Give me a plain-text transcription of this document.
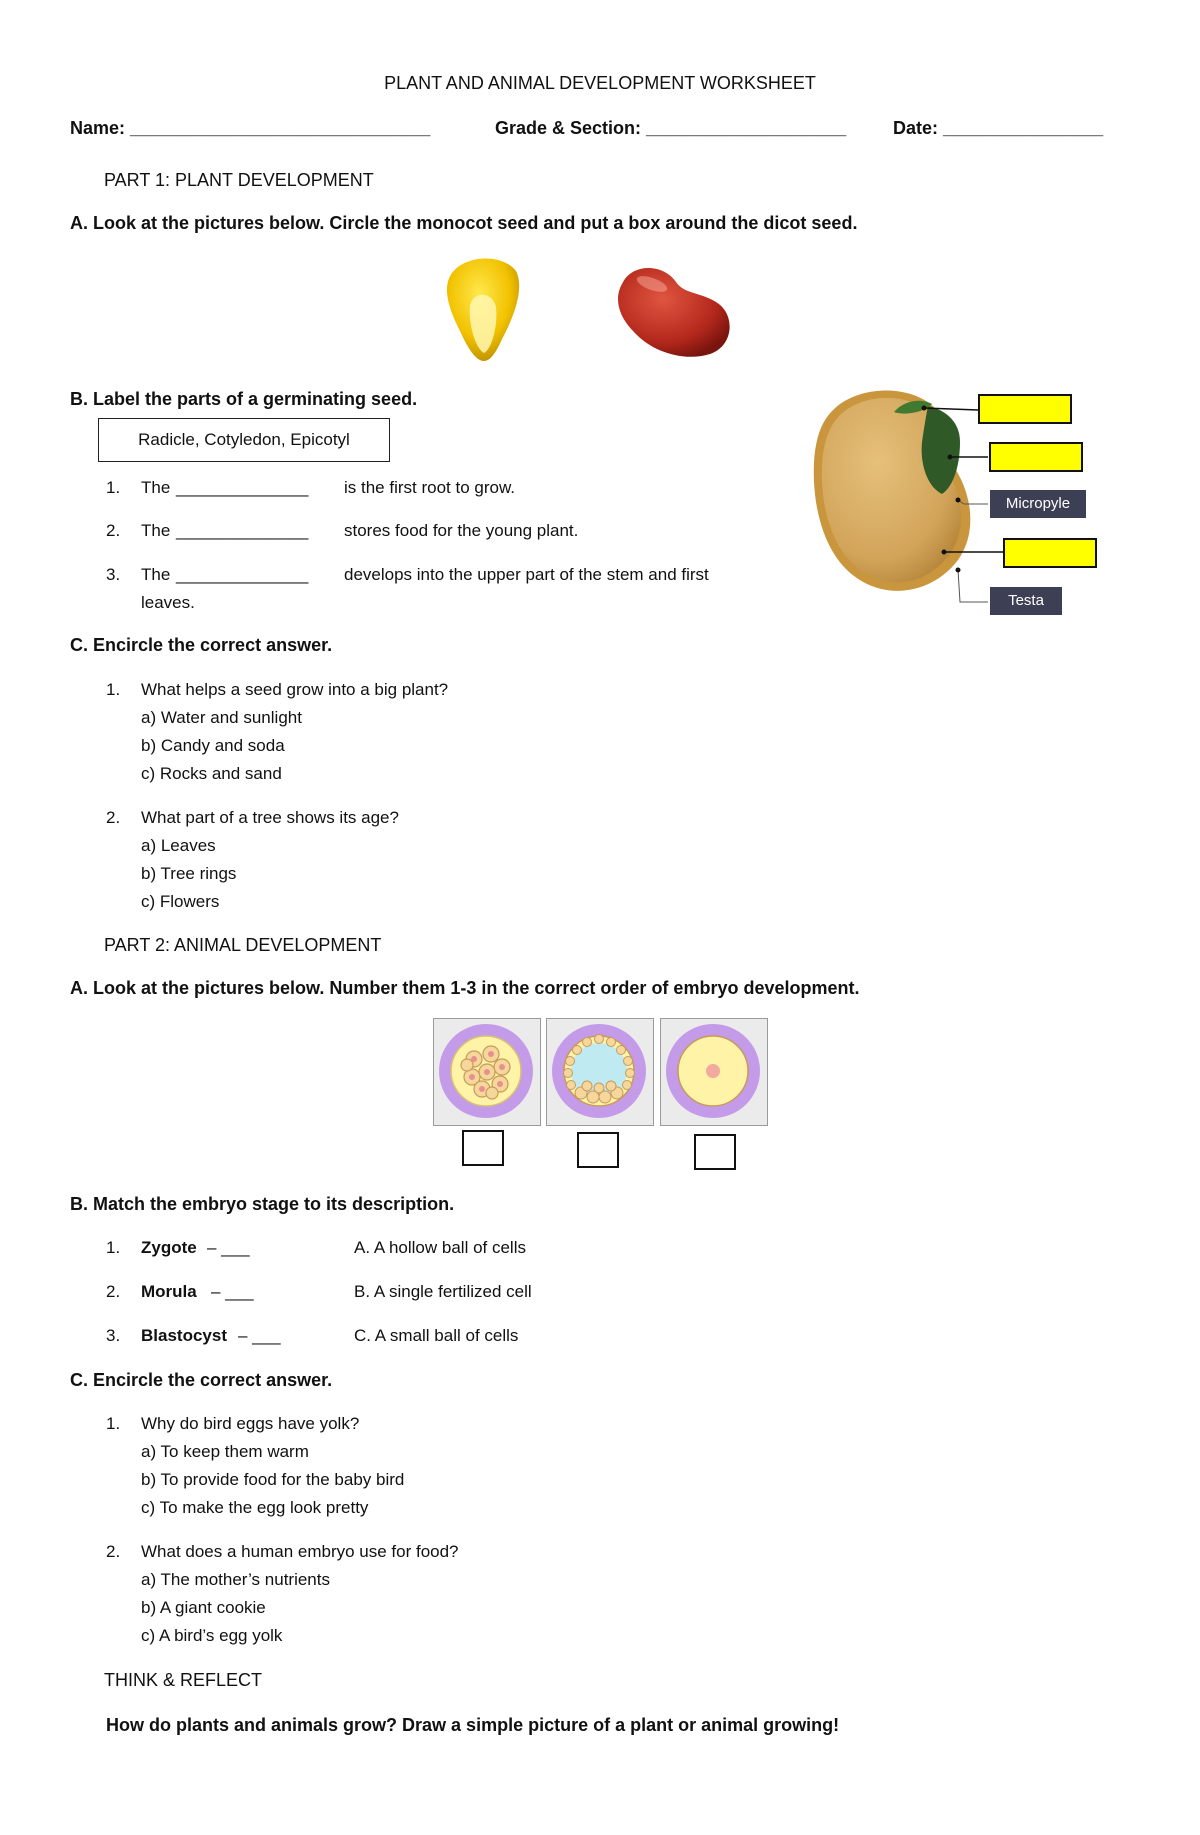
PLANT AND ANIMAL DEVELOPMENT WORKSHEET
Name: ______________________________	Grade & Section: ____________________	Date: ________________
PART 1: PLANT DEVELOPMENT
A. Look at the pictures below. Circle the monocot seed and put a box around the dicot seed.
B. Label the parts of a germinating seed.
Radicle, Cotyledon, Epicotyl
1. The ______________ is the first root to grow.
2. The ______________ stores food for the young plant.
3. The ______________ develops into the upper part of the stem and first
leaves.
Micropyle
Testa
C. Encircle the correct answer.
1. What helps a seed grow into a big plant?
a) Water and sunlight
b) Candy and soda
c) Rocks and sand
2. What part of a tree shows its age?
a) Leaves
b) Tree rings
c) Flowers
PART 2: ANIMAL DEVELOPMENT
A. Look at the pictures below. Number them 1-3 in the correct order of embryo development.
B. Match the embryo stage to its description.
1. Zygote – ___	A. A hollow ball of cells
2. Morula – ___	B. A single fertilized cell
3. Blastocyst – ___	C. A small ball of cells
C. Encircle the correct answer.
1. Why do bird eggs have yolk?
a) To keep them warm
b) To provide food for the baby bird
c) To make the egg look pretty
2. What does a human embryo use for food?
a) The mother’s nutrients
b) A giant cookie
c) A bird’s egg yolk
THINK & REFLECT
How do plants and animals grow? Draw a simple picture of a plant or animal growing!
